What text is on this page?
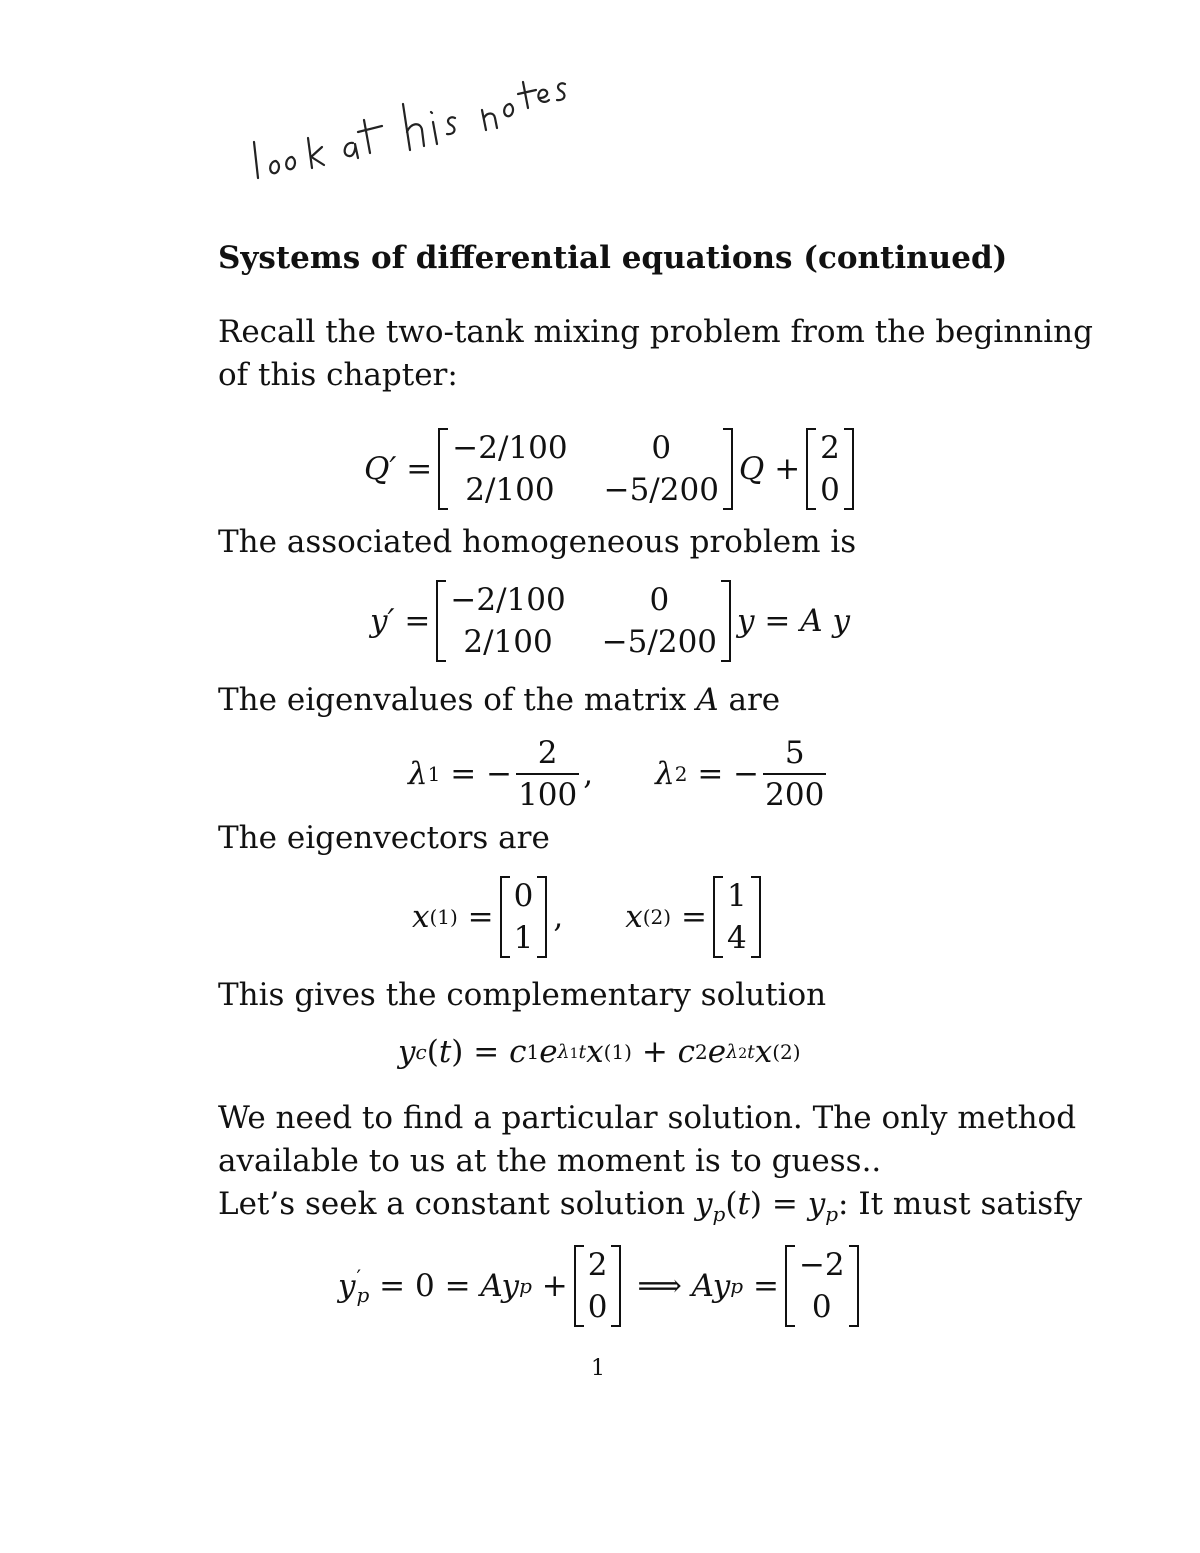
Systems of differential equations (continued)
Recall the two-tank mixing problem from the beginning
of this chapter:
Q′ =
−2/100	0
2/100	−5/200
Q +
2
0
The associated homogeneous problem is
y′ =
−2/100	0
2/100	−5/200
y = A y
The eigenvalues of the matrix A are
λ 1 = − $\frac{2}{100}$ , λ 2 = − $\frac{5}{200}$
The eigenvectors are
x (1) =
0
1
, x (2) =
1
4
This gives the complementary solution
y c (t) = c 1 e λ1t x (1) + c 2 e λ2t x (2)
We need to find a particular solution. The only method
available to us at the moment is to guess..
Let’s seek a constant solution $y_p(t) = y_p$: It must satisfy
y ′
p = 0 = Ay p +
2
0
⟹ Ay p =
−2
0
1
